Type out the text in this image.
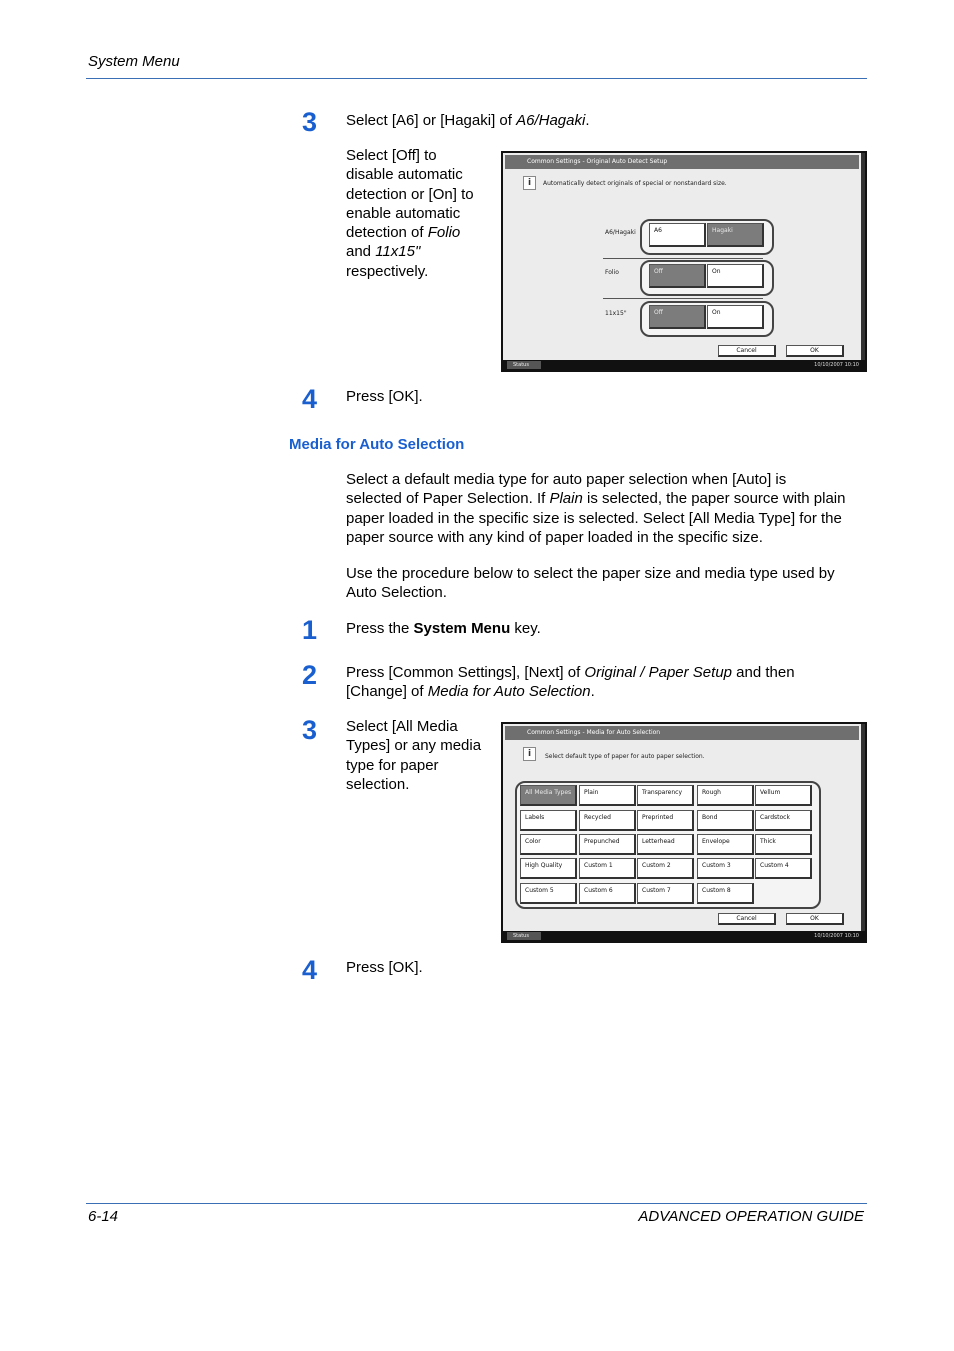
System Menu
3 Select [A6] or [Hagaki] of A6/Hagaki.
Select [Off] to
disable automatic
detection or [On] to
enable automatic
detection of Folio
and 11x15"
respectively.
Common Settings - Original Auto Detect Setup
i	Automatically detect originals of special or nonstandard size.
A6/Hagaki	A6	Hagaki
Folio	Off	On
11x15"	Off	On
Cancel	OK
Status	10/10/2007 10:10
4 Press [OK].
Media for Auto Selection
Select a default media type for auto paper selection when [Auto] is
selected of Paper Selection. If Plain is selected, the paper source with plain
paper loaded in the specific size is selected. Select [All Media Type] for the
paper source with any kind of paper loaded in the specific size.
Use the procedure below to select the paper size and media type used by
Auto Selection.
1 Press the System Menu key.
2 Press [Common Settings], [Next] of Original / Paper Setup and then
[Change] of Media for Auto Selection.
3 Select [All Media
Types] or any media
type for paper
selection.
Common Settings - Media for Auto Selection
i	Select default type of paper for auto paper selection.
Cancel	OK
Status	10/10/2007 10:10
All Media Types	Plain	Transparency	Rough	Vellum
Labels	Recycled	Preprinted	Bond	Cardstock
Color	Prepunched	Letterhead	Envelope	Thick
High Quality	Custom 1	Custom 2	Custom 3	Custom 4
Custom 5	Custom 6	Custom 7	Custom 8
4 Press [OK].
6-14	ADVANCED OPERATION GUIDE
